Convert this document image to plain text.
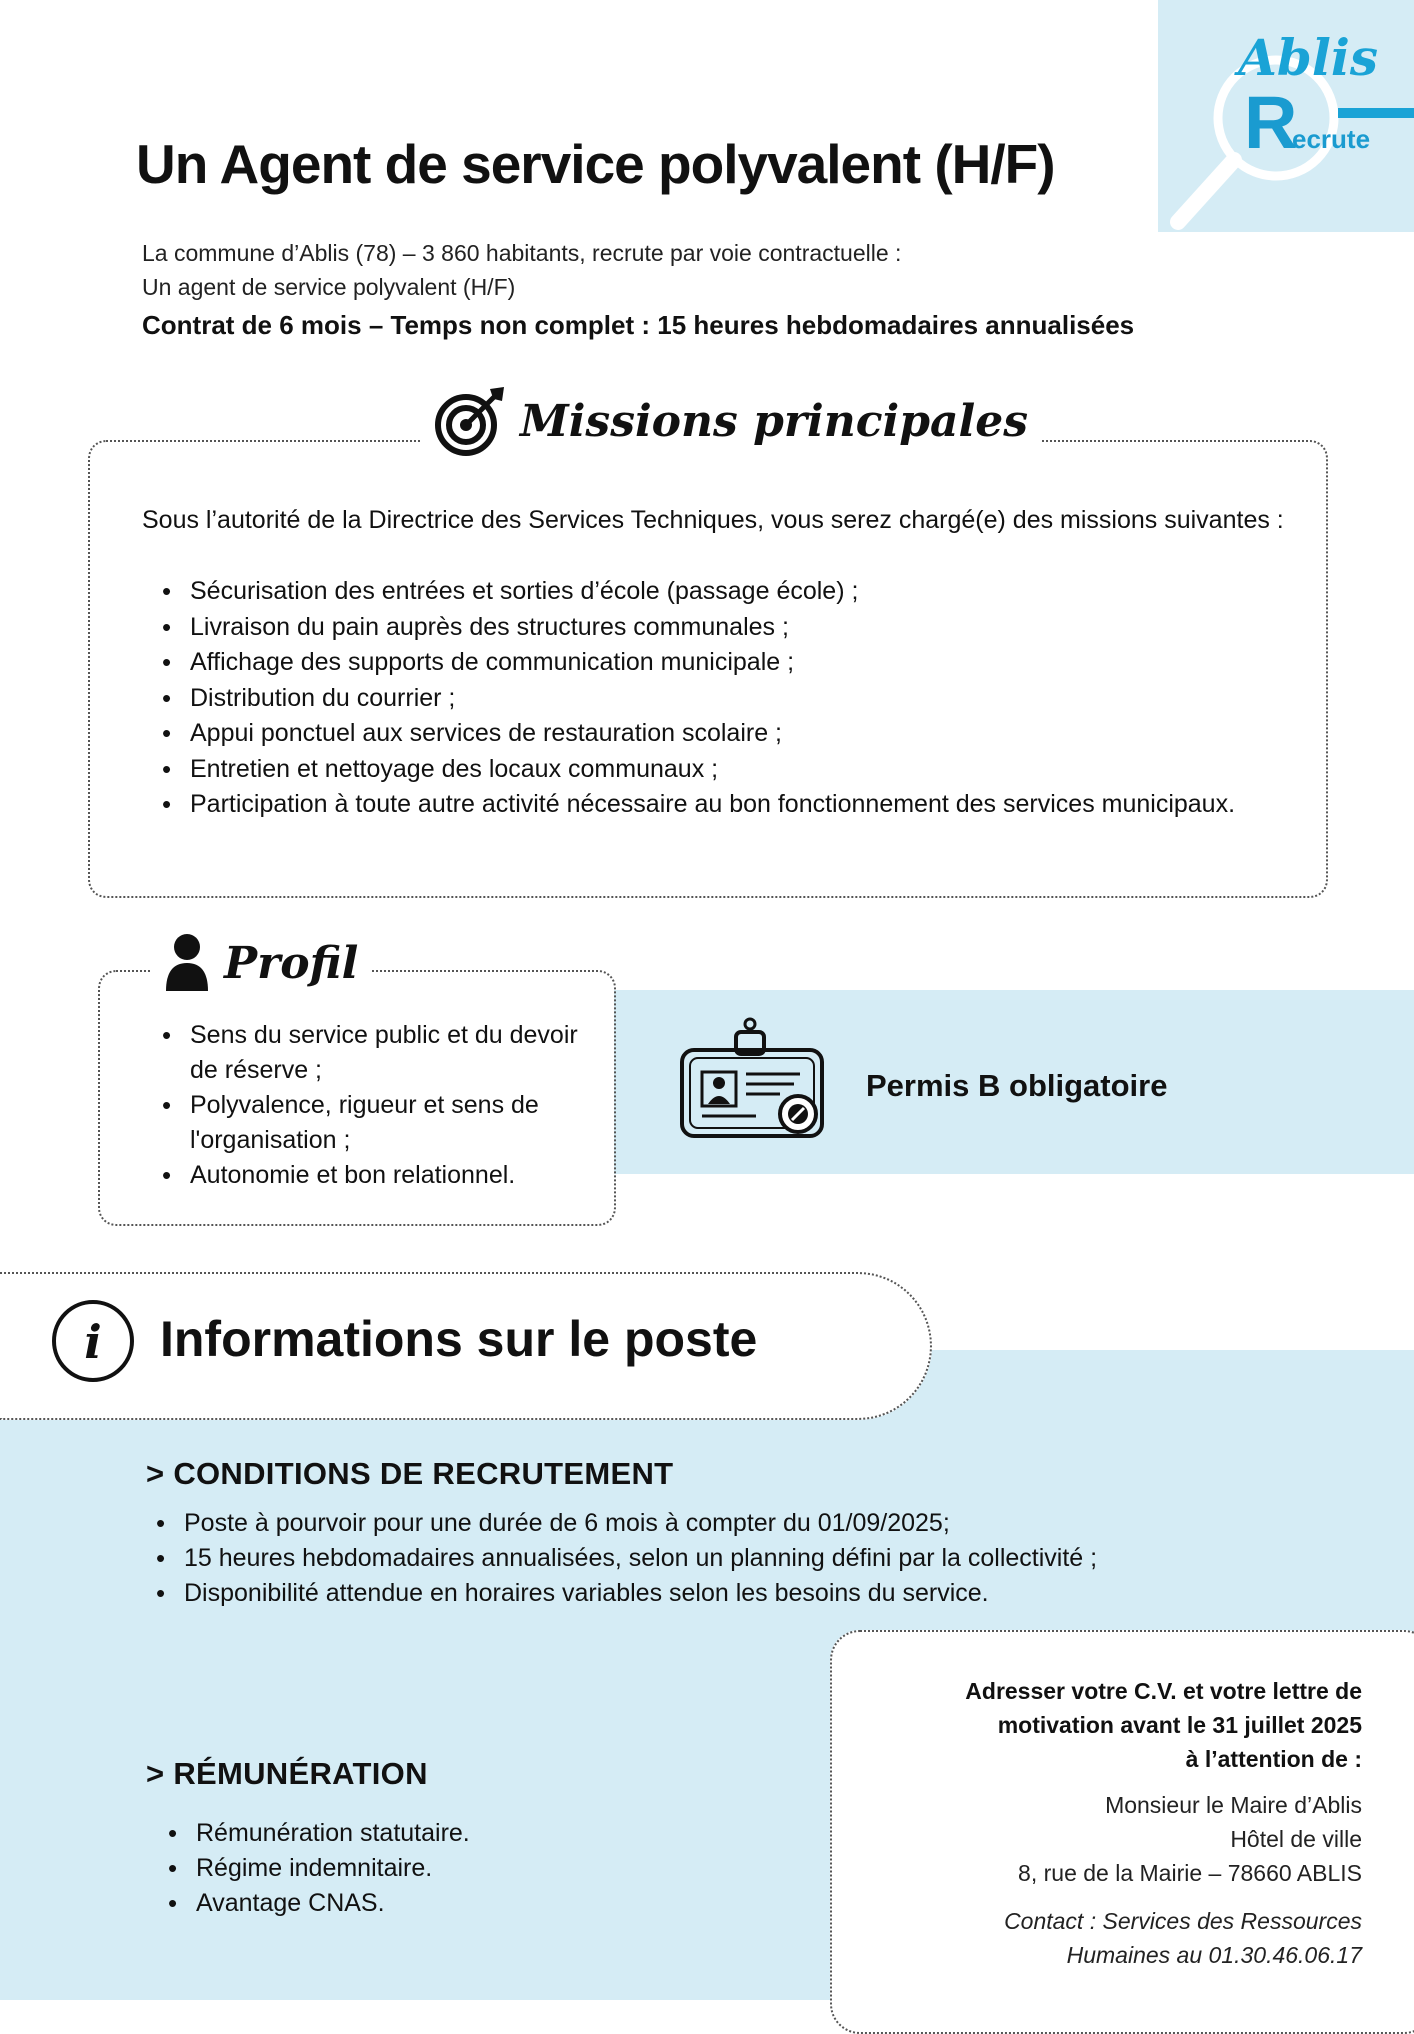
Ablis
R
ecrute
Un Agent de service polyvalent (H/F)
La commune d’Ablis (78) – 3 860 habitants, recrute par voie contractuelle :
Un agent de service polyvalent (H/F)
Contrat de 6 mois – Temps non complet : 15 heures hebdomadaires annualisées
Missions principales
Sous l’autorité de la Directrice des Services Techniques, vous serez chargé(e) des missions suivantes :
• Sécurisation des entrées et sorties d’école (passage école) ;
• Livraison du pain auprès des structures communales ;
• Affichage des supports de communication municipale ;
• Distribution du courrier ;
• Appui ponctuel aux services de restauration scolaire ;
• Entretien et nettoyage des locaux communaux ;
• Participation à toute autre activité nécessaire au bon fonctionnement des services municipaux.
Permis B obligatoire
Profil
• Sens du service public et du devoir de réserve ;
• Polyvalence, rigueur et sens de l'organisation ;
• Autonomie et bon relationnel.
i Informations sur le poste
> CONDITIONS DE RECRUTEMENT
• Poste à pourvoir pour une durée de 6 mois à compter du 01/09/2025;
• 15 heures hebdomadaires annualisées, selon un planning défini par la collectivité ;
• Disponibilité attendue en horaires variables selon les besoins du service.
> RÉMUNÉRATION
• Rémunération statutaire.
• Régime indemnitaire.
• Avantage CNAS.
Adresser votre C.V. et votre lettre de
motivation avant le 31 juillet 2025
à l’attention de :
Monsieur le Maire d’Ablis
Hôtel de ville
8, rue de la Mairie – 78660 ABLIS
Contact : Services des Ressources
Humaines au 01.30.46.06.17
